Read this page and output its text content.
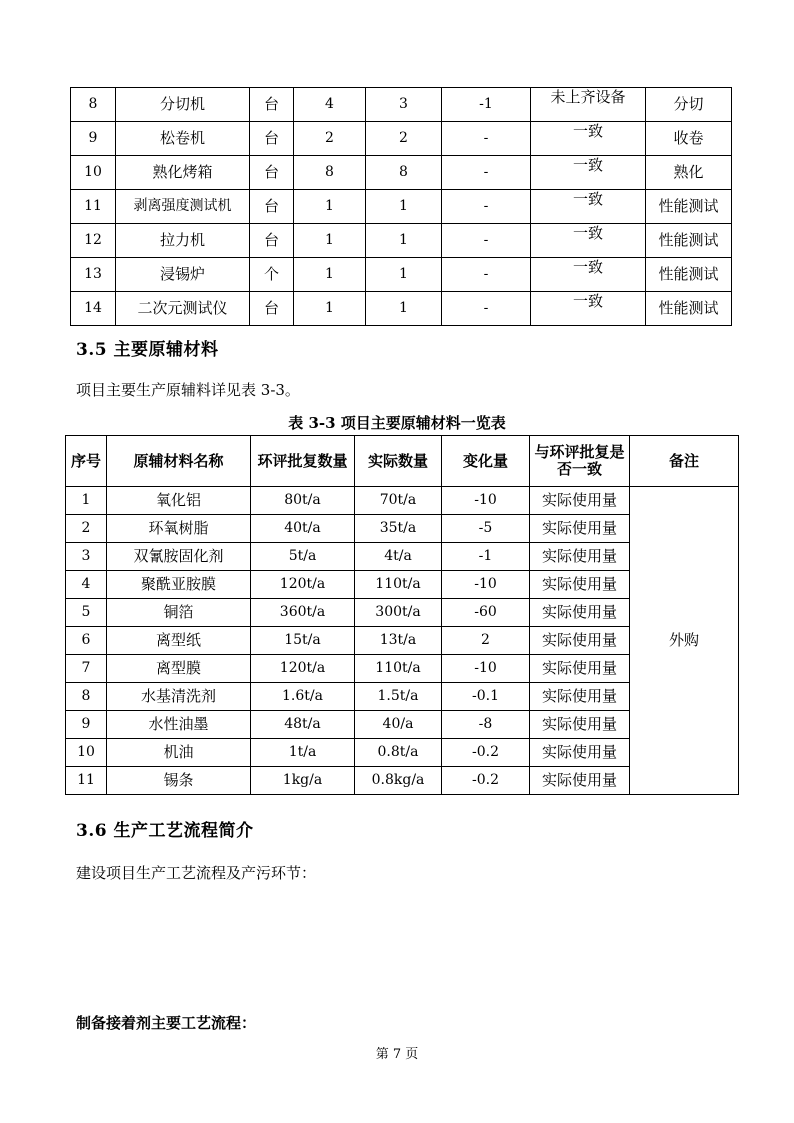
8	分切机	台	4	3	-1	未上齐设备	分切
9	松卷机	台	2	2	-	一致	收卷
10	熟化烤箱	台	8	8	-	一致	熟化
11	剥离强度测试机	台	1	1	-	一致	性能测试
12	拉力机	台	1	1	-	一致	性能测试
13	浸锡炉	个	1	1	-	一致	性能测试
14	二次元测试仪	台	1	1	-	一致	性能测试
3.5 主要原辅材料
项目主要生产原辅料详见表 3-3。
表 3-3 项目主要原辅材料一览表
序号	原辅材料名称	环评批复数量	实际数量	变化量	与环评批复是否一致	备注
1	氧化铝	80t/a	70t/a	-10	实际使用量	外购
2	环氧树脂	40t/a	35t/a	-5	实际使用量	
3	双氰胺固化剂	5t/a	4t/a	-1	实际使用量	
4	聚酰亚胺膜	120t/a	110t/a	-10	实际使用量	
5	铜箔	360t/a	300t/a	-60	实际使用量	
6	离型纸	15t/a	13t/a	2	实际使用量	
7	离型膜	120t/a	110t/a	-10	实际使用量	
8	水基清洗剂	1.6t/a	1.5t/a	-0.1	实际使用量	
9	水性油墨	48t/a	40/a	-8	实际使用量	
10	机油	1t/a	0.8t/a	-0.2	实际使用量	
11	锡条	1kg/a	0.8kg/a	-0.2	实际使用量	
3.6 生产工艺流程简介
建设项目生产工艺流程及产污环节：
制备接着剂主要工艺流程：
第 7 页
